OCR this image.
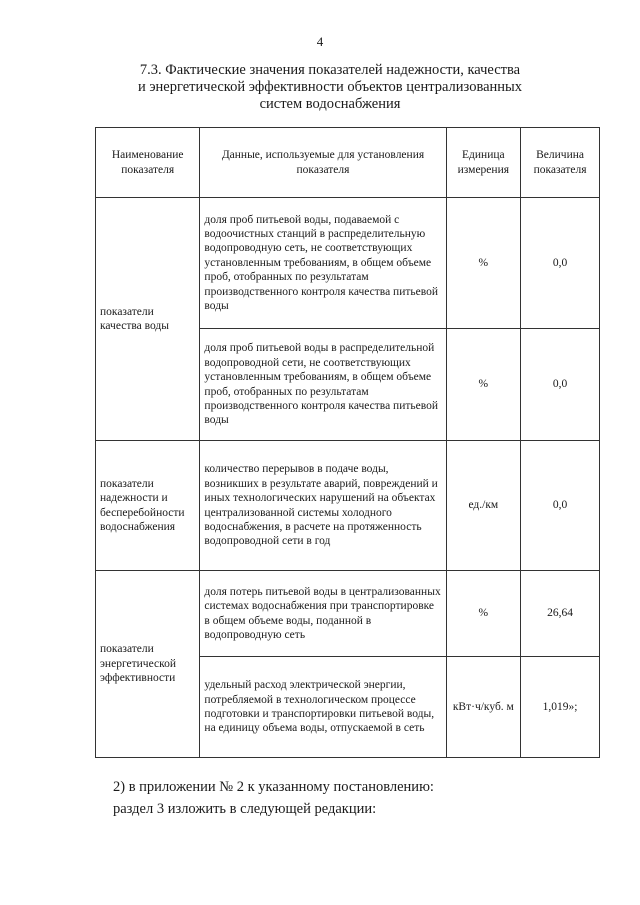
4
7.3. Фактические значения показателей надежности, качества
и энергетической эффективности объектов централизованных
систем водоснабжения
Наименование показателя	Данные, используемые для установления показателя	Единица измерения	Величина показателя
показатели качества воды	доля проб питьевой воды, подаваемой с водоочистных станций в распределительную водопроводную сеть, не соответствующих установленным требованиям, в общем объеме проб, отобранных по результатам производственного контроля качества питьевой воды	%	0,0
	доля проб питьевой воды в распределительной водопроводной сети, не соответствующих установленным требованиям, в общем объеме проб, отобранных по результатам производственного контроля качества питьевой воды	%	0,0
показатели надежности и бесперебойности водоснабжения	количество перерывов в подаче воды, возникших в результате аварий, повреждений и иных технологических нарушений на объектах централизованной системы холодного водоснабжения, в расчете на протяженность водопроводной сети в год	ед./км	0,0
показатели энергетической эффективности	доля потерь питьевой воды в централизованных системах водоснабжения при транспортировке в общем объеме воды, поданной в водопроводную сеть	%	26,64
	удельный расход электрической энергии, потребляемой в технологическом процессе подготовки и транспортировки питьевой воды, на единицу объема воды, отпускаемой в сеть	кВт·ч/куб. м	1,019»;
2) в приложении № 2 к указанному постановлению:
раздел 3 изложить в следующей редакции:
